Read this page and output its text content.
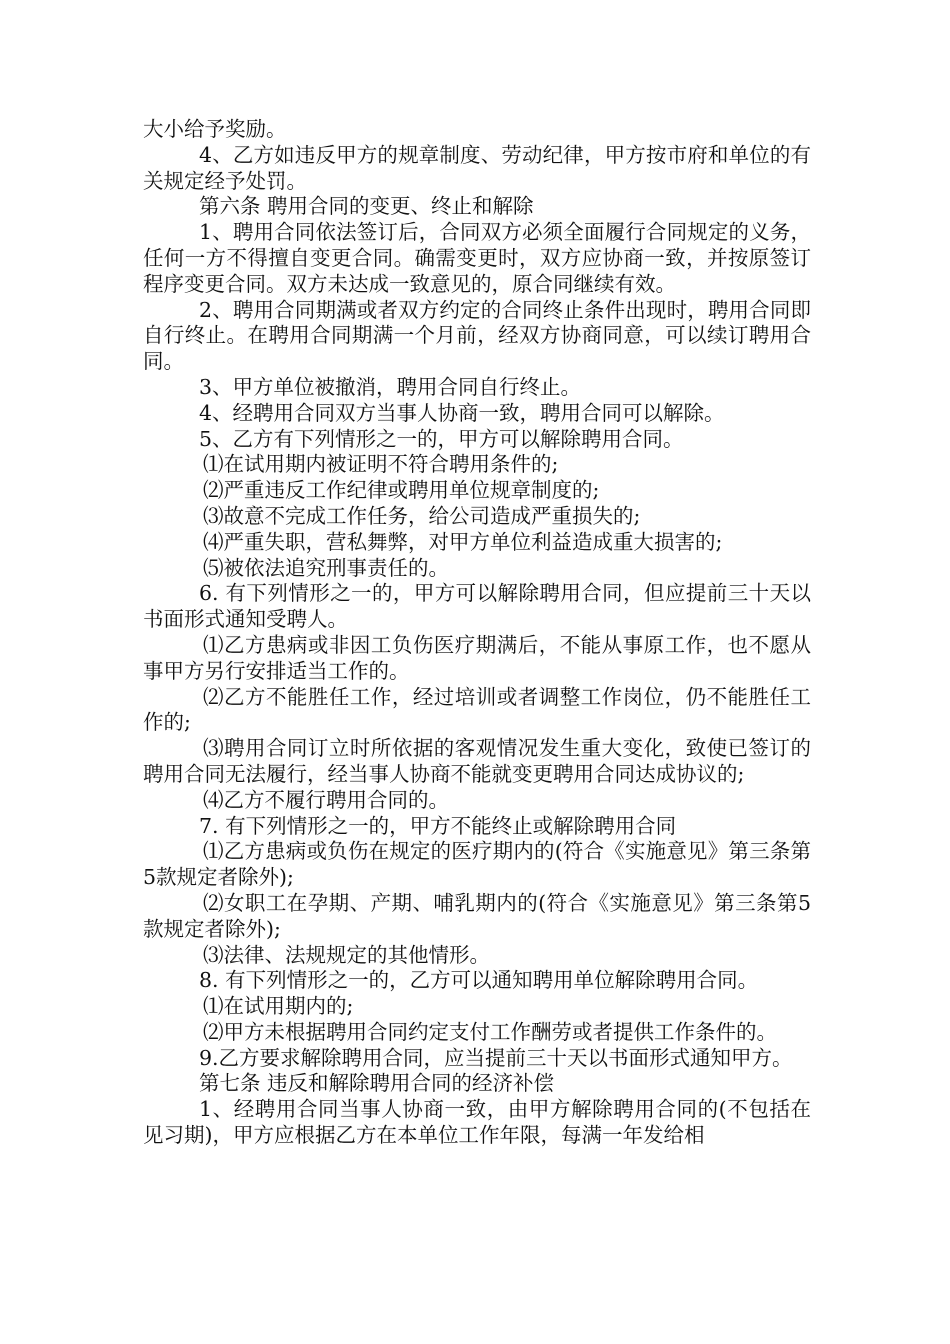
大小给予奖励。

4、乙方如违反甲方的规章制度、劳动纪律，甲方按市府和单位的有关规定经予处罚。

第六条 聘用合同的变更、终止和解除

1、聘用合同依法签订后，合同双方必须全面履行合同规定的义务，任何一方不得擅自变更合同。确需变更时，双方应协商一致，并按原签订程序变更合同。双方未达成一致意见的，原合同继续有效。

2、聘用合同期满或者双方约定的合同终止条件出现时，聘用合同即自行终止。在聘用合同期满一个月前，经双方协商同意，可以续订聘用合同。

3、甲方单位被撤消，聘用合同自行终止。

4、经聘用合同双方当事人协商一致，聘用合同可以解除。

5、乙方有下列情形之一的，甲方可以解除聘用合同。

⑴在试用期内被证明不符合聘用条件的;

⑵严重违反工作纪律或聘用单位规章制度的;

⑶故意不完成工作任务，给公司造成严重损失的;

⑷严重失职，营私舞弊，对甲方单位利益造成重大损害的;

⑸被依法追究刑事责任的。

6. 有下列情形之一的，甲方可以解除聘用合同，但应提前三十天以书面形式通知受聘人。

⑴乙方患病或非因工负伤医疗期满后，不能从事原工作，也不愿从事甲方另行安排适当工作的。

⑵乙方不能胜任工作，经过培训或者调整工作岗位，仍不能胜任工作的;

⑶聘用合同订立时所依据的客观情况发生重大变化，致使已签订的聘用合同无法履行，经当事人协商不能就变更聘用合同达成协议的;

⑷乙方不履行聘用合同的。

7. 有下列情形之一的，甲方不能终止或解除聘用合同

⑴乙方患病或负伤在规定的医疗期内的(符合《实施意见》第三条第5款规定者除外);

⑵女职工在孕期、产期、哺乳期内的(符合《实施意见》第三条第5款规定者除外);

⑶法律、法规规定的其他情形。

8. 有下列情形之一的，乙方可以通知聘用单位解除聘用合同。

⑴在试用期内的;

⑵甲方未根据聘用合同约定支付工作酬劳或者提供工作条件的。

9.乙方要求解除聘用合同，应当提前三十天以书面形式通知甲方。

第七条 违反和解除聘用合同的经济补偿

1、经聘用合同当事人协商一致，由甲方解除聘用合同的(不包括在见习期)，甲方应根据乙方在本单位工作年限，每满一年发给相
